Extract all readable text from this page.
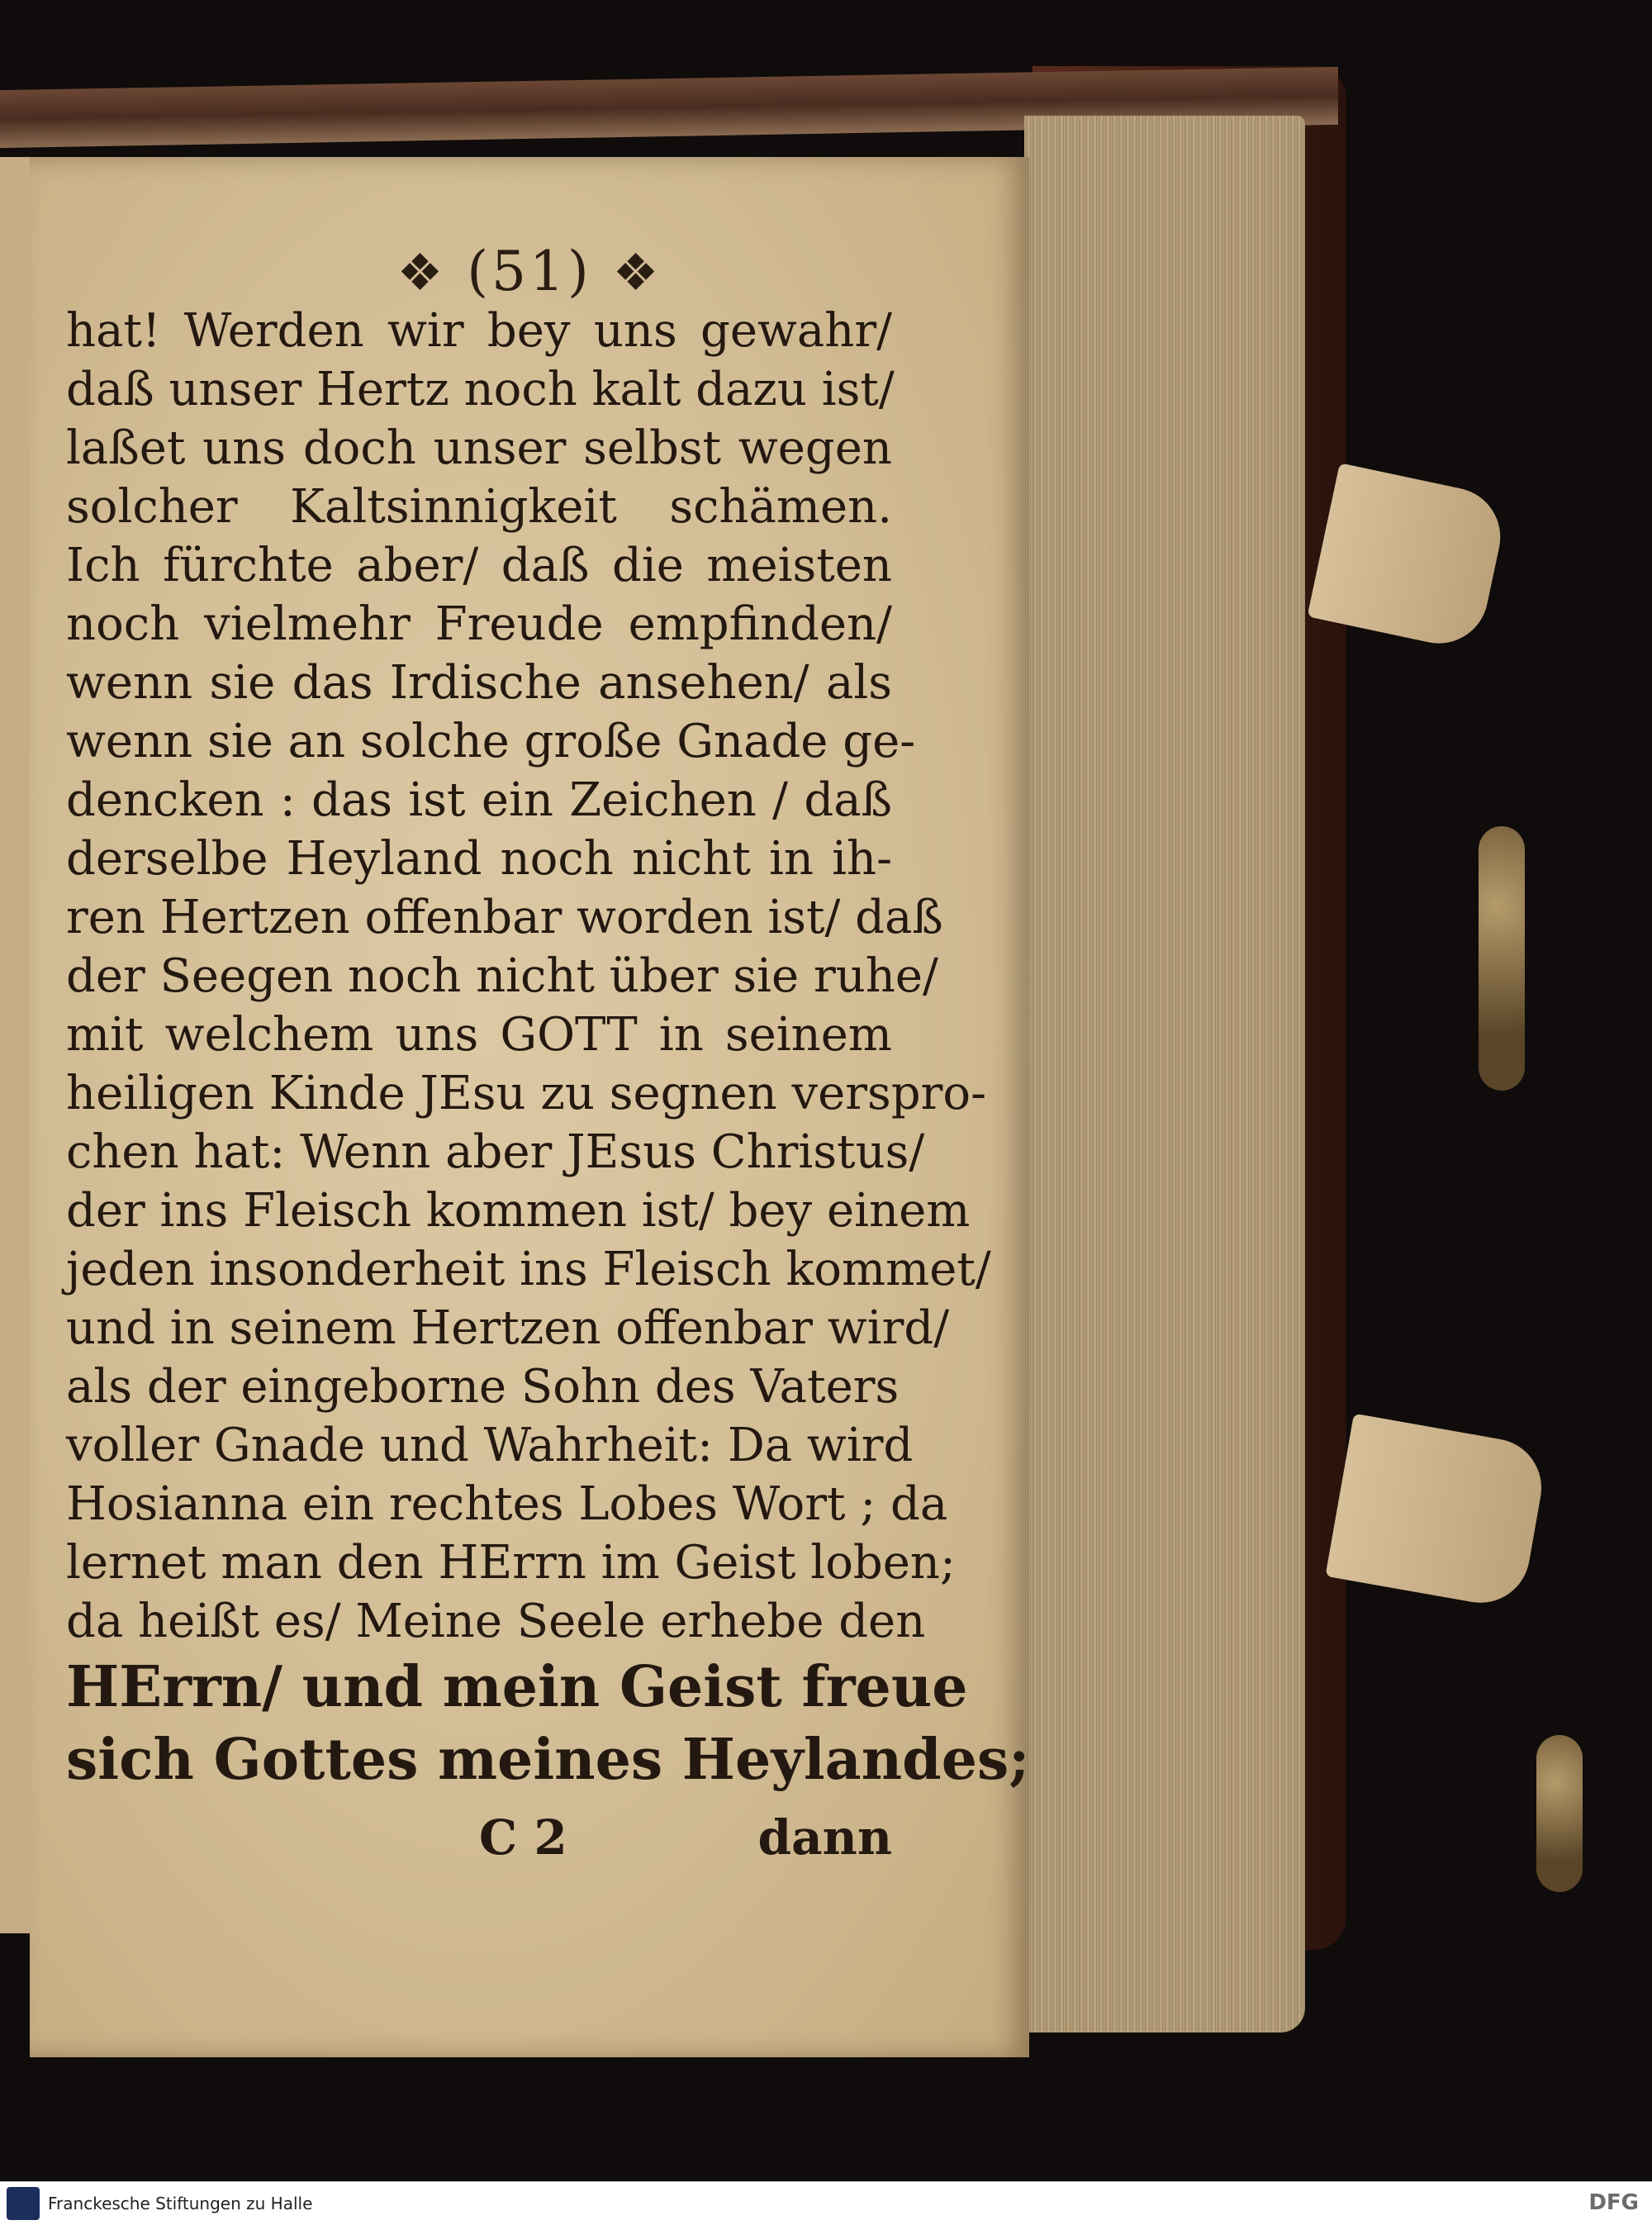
❖ (51) ❖
hat! Werden wir bey uns gewahr/
daß unser Hertz noch kalt dazu ist/
laßet uns doch unser selbst wegen
solcher Kaltsinnigkeit schämen.
Ich fürchte aber/ daß die meisten
noch vielmehr Freude empfinden/
wenn sie das Irdische ansehen/ als
wenn sie an solche große Gnade ge-
dencken : das ist ein Zeichen / daß
derselbe Heyland noch nicht in ih-
ren Hertzen offenbar worden ist/ daß
der Seegen noch nicht über sie ruhe/
mit welchem uns GOTT in seinem
heiligen Kinde JEsu zu segnen verspro-
chen hat: Wenn aber JEsus Christus/
der ins Fleisch kommen ist/ bey einem
jeden insonderheit ins Fleisch kommet/
und in seinem Hertzen offenbar wird/
als der eingeborne Sohn des Vaters
voller Gnade und Wahrheit: Da wird
Hosianna ein rechtes Lobes Wort ; da
lernet man den HErrn im Geist loben;
da heißt es/ Meine Seele erhebe den
HErrn/ und mein Geist freue
sich Gottes meines Heylandes;
C 2	dann
Franckesche Stiftungen zu Halle	DFG
